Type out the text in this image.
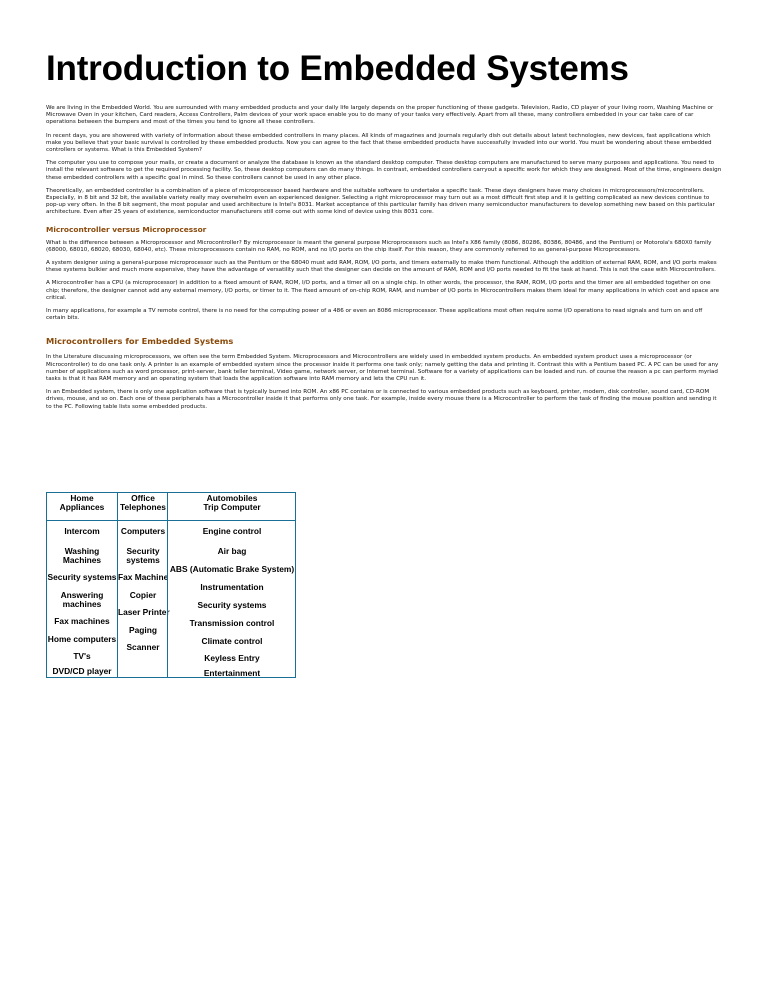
Introduction to Embedded Systems

We are living in the Embedded World. You are surrounded with many embedded products and your daily life largely depends on the proper functioning of these gadgets. Television, Radio, CD player of your living room, Washing Machine or Microwave Oven in your kitchen, Card readers, Access Controllers, Palm devices of your work space enable you to do many of your tasks very effectively. Apart from all these, many controllers embedded in your car take care of car operations between the bumpers and most of the times you tend to ignore all these controllers.

In recent days, you are showered with variety of information about these embedded controllers in many places. All kinds of magazines and journals regularly dish out details about latest technologies, new devices, fast applications which make you believe that your basic survival is controlled by these embedded products. Now you can agree to the fact that these embedded products have successfully invaded into our world. You must be wondering about these embedded controllers or systems. What is this Embedded System?

The computer you use to compose your mails, or create a document or analyze the database is known as the standard desktop computer. These desktop computers are manufactured to serve many purposes and applications. You need to install the relevant software to get the required processing facility. So, these desktop computers can do many things. In contrast, embedded controllers carryout a specific work for which they are designed. Most of the time, engineers design these embedded controllers with a specific goal in mind. So these controllers cannot be used in any other place.

Theoretically, an embedded controller is a combination of a piece of microprocessor based hardware and the suitable software to undertake a specific task. These days designers have many choices in microprocessors/microcontrollers. Especially, in 8 bit and 32 bit, the available variety really may overwhelm even an experienced designer. Selecting a right microprocessor may turn out as a most difficult first step and it is getting complicated as new devices continue to pop-up very often. In the 8 bit segment, the most popular and used architecture is Intel's 8031. Market acceptance of this particular family has driven many semiconductor manufacturers to develop something new based on this particular architecture. Even after 25 years of existence, semiconductor manufacturers still come out with some kind of device using this 8031 core.

Microcontroller versus Microprocessor

What is the difference between a Microprocessor and Microcontroller? By microprocessor is meant the general purpose Microprocessors such as Intel's X86 family (8086, 80286, 80386, 80486, and the Pentium) or Motorola's 680X0 family (68000, 68010, 68020, 68030, 68040, etc). These microprocessors contain no RAM, no ROM, and no I/O ports on the chip itself. For this reason, they are commonly referred to as general-purpose Microprocessors.

A system designer using a general-purpose microprocessor such as the Pentium or the 68040 must add RAM, ROM, I/O ports, and timers externally to make them functional. Although the addition of external RAM, ROM, and I/O ports makes these systems bulkier and much more expensive, they have the advantage of versatility such that the designer can decide on the amount of RAM, ROM and I/O ports needed to fit the task at hand. This is not the case with Microcontrollers.

A Microcontroller has a CPU (a microprocessor) in addition to a fixed amount of RAM, ROM, I/O ports, and a timer all on a single chip. In other words, the processor, the RAM, ROM, I/O ports and the timer are all embedded together on one chip; therefore, the designer cannot add any external memory, I/O ports, or timer to it. The fixed amount of on-chip ROM, RAM, and number of I/O ports in Microcontrollers makes them ideal for many applications in which cost and space are critical.

In many applications, for example a TV remote control, there is no need for the computing power of a 486 or even an 8086 microprocessor. These applications most often require some I/O operations to read signals and turn on and off certain bits.

Microcontrollers for Embedded Systems

In the Literature discussing microprocessors, we often see the term Embedded System. Microprocessors and Microcontrollers are widely used in embedded system products. An embedded system product uses a microprocessor (or Microcontroller) to do one task only. A printer is an example of embedded system since the processor inside it performs one task only; namely getting the data and printing it. Contrast this with a Pentium based PC. A PC can be used for any number of applications such as word processor, print-server, bank teller terminal, Video game, network server, or Internet terminal. Software for a variety of applications can be loaded and run. of course the reason a pc can perform myriad tasks is that it has RAM memory and an operating system that loads the application software into RAM memory and lets the CPU run it.

In an Embedded system, there is only one application software that is typically burned into ROM. An x86 PC contains or is connected to various embedded products such as keyboard, printer, modem, disk controller, sound card, CD-ROM drives, mouse, and so on. Each one of these peripherals has a Microcontroller inside it that performs only one task. For example, inside every mouse there is a Microcontroller to perform the task of finding the mouse position and sending it to the PC. Following table lists some embedded products.

Home
Appliances
Intercom
Washing
Machines
Security systems
Answering
machines
Fax machines
Home computers
TV's
DVD/CD player
Office
Telephones
Computers
Security
systems
Fax Machine
Copier
Laser Printer
Paging
Scanner
Automobiles
Trip Computer
Engine control
Air bag
ABS (Automatic Brake System)
Instrumentation
Security systems
Transmission control
Climate control
Keyless Entry
Entertainment
